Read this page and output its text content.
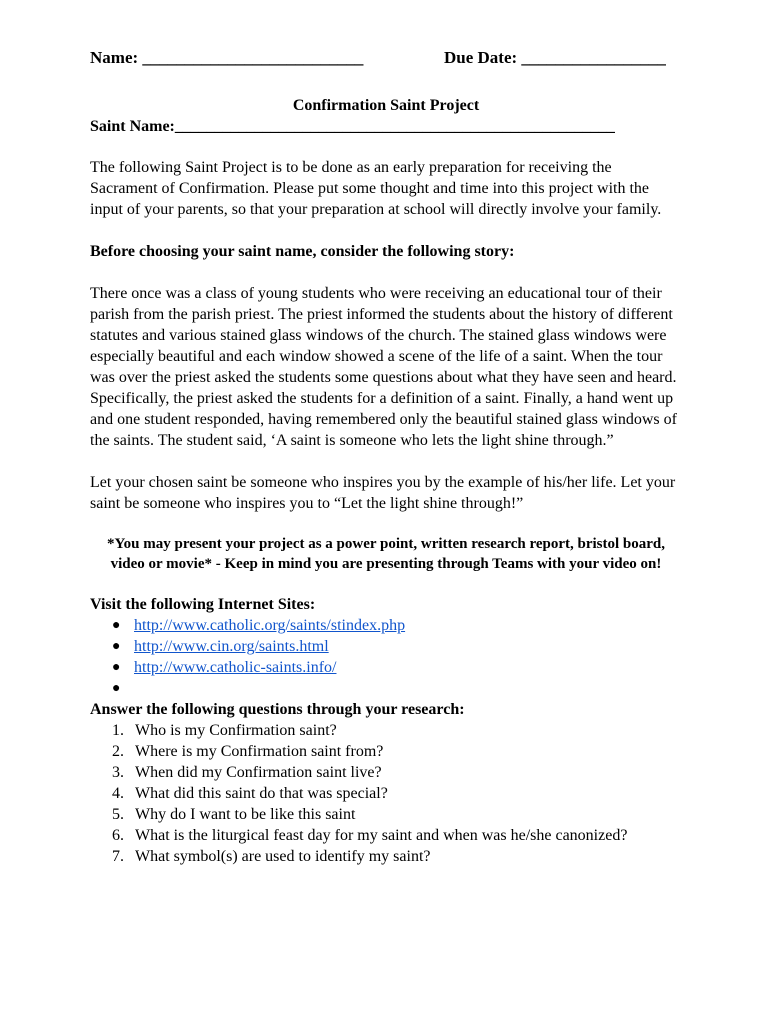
Name: __________________________	Due Date: _________________
Confirmation Saint Project
Saint Name:_______________________________________________________

The following Saint Project is to be done as an early preparation for receiving the Sacrament of Confirmation. Please put some thought and time into this project with the input of your parents, so that your preparation at school will directly involve your family.

Before choosing your saint name, consider the following story:

There once was a class of young students who were receiving an educational tour of their parish from the parish priest. The priest informed the students about the history of different statutes and various stained glass windows of the church. The stained glass windows were especially beautiful and each window showed a scene of the life of a saint. When the tour was over the priest asked the students some questions about what they have seen and heard. Specifically, the priest asked the students for a definition of a saint. Finally, a hand went up and one student responded, having remembered only the beautiful stained glass windows of the saints. The student said, ‘A saint is someone who lets the light shine through.”

Let your chosen saint be someone who inspires you by the example of his/her life. Let your saint be someone who inspires you to “Let the light shine through!”

*You may present your project as a power point, written research report, bristol board, video or movie* - Keep in mind you are presenting through Teams with your video on!

Visit the following Internet Sites:

● http://www.catholic.org/saints/stindex.php
● http://www.cin.org/saints.html
● http://www.catholic-saints.info/
●

Answer the following questions through your research:

1. Who is my Confirmation saint?
2. Where is my Confirmation saint from?
3. When did my Confirmation saint live?
4. What did this saint do that was special?
5. Why do I want to be like this saint
6. What is the liturgical feast day for my saint and when was he/she canonized?
7. What symbol(s) are used to identify my saint?
